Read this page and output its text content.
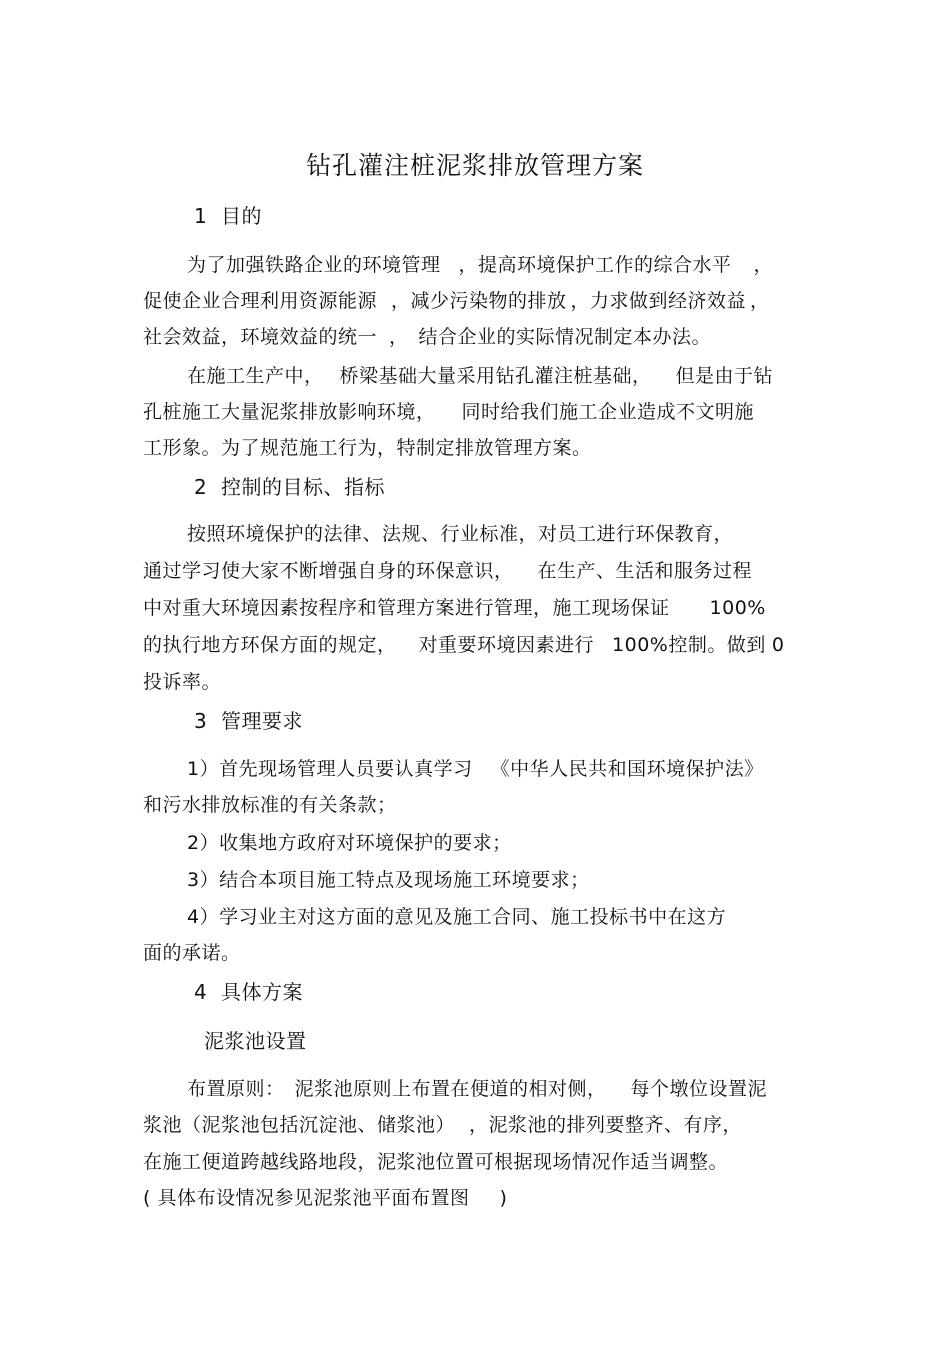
钻孔灌注桩泥浆排放管理方案
1  目的
为了加强铁路企业的环境管理 ，提高环境保护工作的综合水平 ，
促使企业合理利用资源能源 ，减少污染物的排放 ，力求做到经济效益 ，
社会效益，环境效益的统一 ， 结合企业的实际情况制定本办法。
在施工生产中， 桥梁基础大量采用钻孔灌注桩基础， 但是由于钻
孔桩施工大量泥浆排放影响环境， 同时给我们施工企业造成不文明施
工形象。为了规范施工行为，特制定排放管理方案。
2  控制的目标、指标
按照环境保护的法律、法规、行业标准，对员工进行环保教育，
通过学习使大家不断增强自身的环保意识， 在生产、生活和服务过程
中对重大环境因素按程序和管理方案进行管理，施工现场保证 100%
的执行地方环保方面的规定， 对重要环境因素进行 100%控制。做到 0
投诉率。
3  管理要求
1）首先现场管理人员要认真学习 《中华人民共和国环境保护法》
和污水排放标准的有关条款；
2）收集地方政府对环境保护的要求；
3）结合本项目施工特点及现场施工环境要求；
4）学习业主对这方面的意见及施工合同、施工投标书中在这方
面的承诺。
4  具体方案
泥浆池设置
布置原则： 泥浆池原则上布置在便道的相对侧， 每个墩位设置泥
浆池（泥浆池包括沉淀池、储浆池） ，泥浆池的排列要整齐、有序，
在施工便道跨越线路地段，泥浆池位置可根据现场情况作适当调整。
( 具体布设情况参见泥浆池平面布置图 )
